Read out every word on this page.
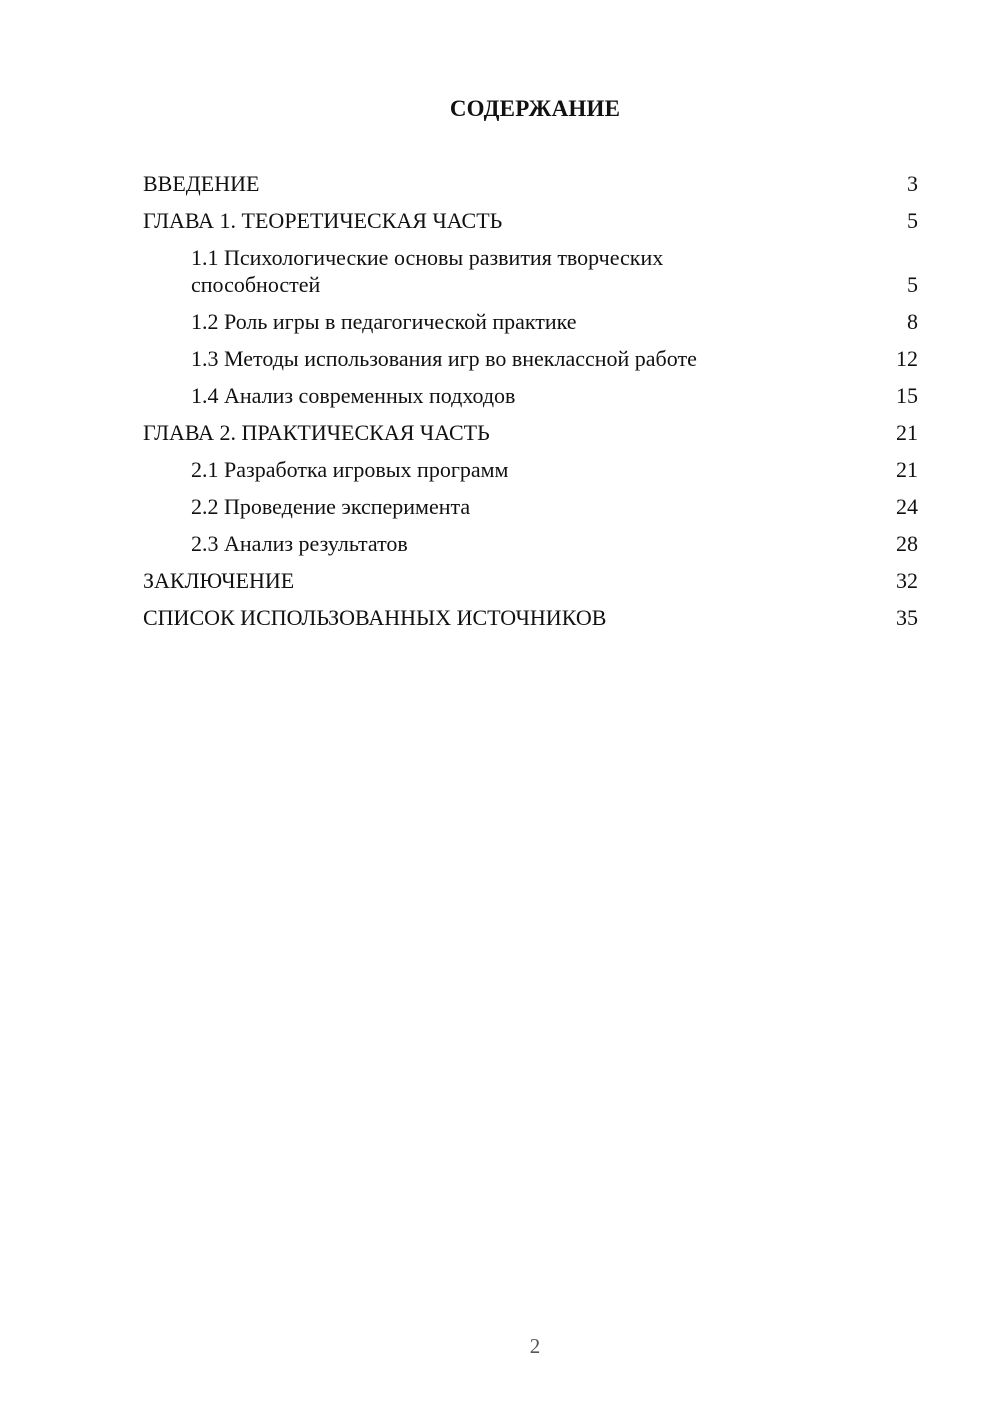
СОДЕРЖАНИЕ
ВВЕДЕНИЕ	3
ГЛАВА 1. ТЕОРЕТИЧЕСКАЯ ЧАСТЬ	5
1.1 Психологические основы развития творческих способностей	5
1.2 Роль игры в педагогической практике	8
1.3 Методы использования игр во внеклассной работе	12
1.4 Анализ современных подходов	15
ГЛАВА 2. ПРАКТИЧЕСКАЯ ЧАСТЬ	21
2.1 Разработка игровых программ	21
2.2 Проведение эксперимента	24
2.3 Анализ результатов	28
ЗАКЛЮЧЕНИЕ	32
СПИСОК ИСПОЛЬЗОВАННЫХ ИСТОЧНИКОВ	35
2
